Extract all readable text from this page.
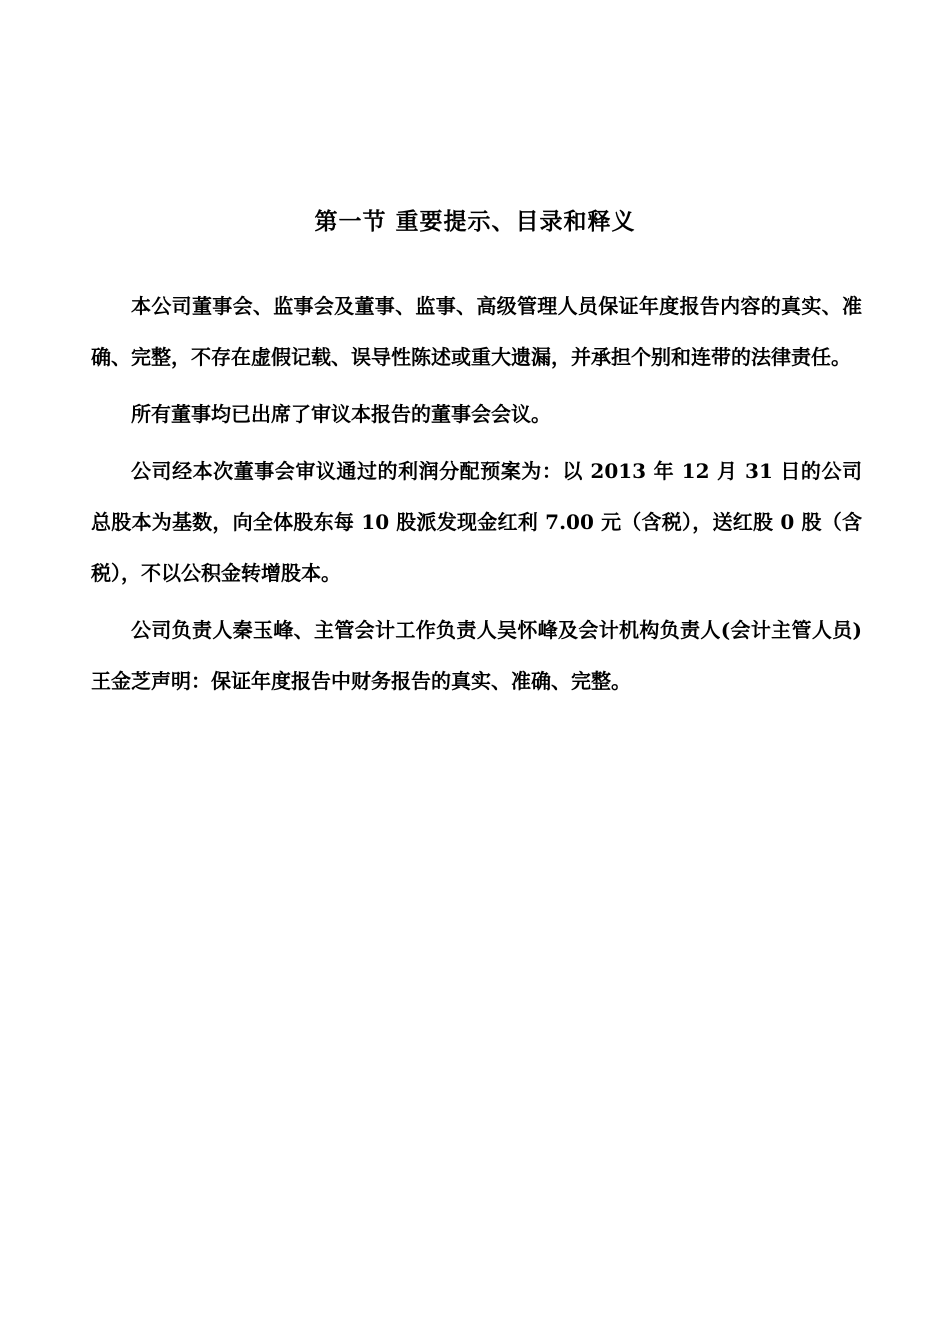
第一节 重要提示、目录和释义

本公司董事会、监事会及董事、监事、高级管理人员保证年度报告内容的真实、准确、完整，不存在虚假记载、误导性陈述或重大遗漏，并承担个别和连带的法律责任。

所有董事均已出席了审议本报告的董事会会议。

公司经本次董事会审议通过的利润分配预案为：以 2013 年 12 月 31 日的公司总股本为基数，向全体股东每 10 股派发现金红利 7.00 元（含税），送红股 0 股（含税），不以公积金转增股本。

公司负责人秦玉峰、主管会计工作负责人吴怀峰及会计机构负责人(会计主管人员)王金芝声明：保证年度报告中财务报告的真实、准确、完整。
